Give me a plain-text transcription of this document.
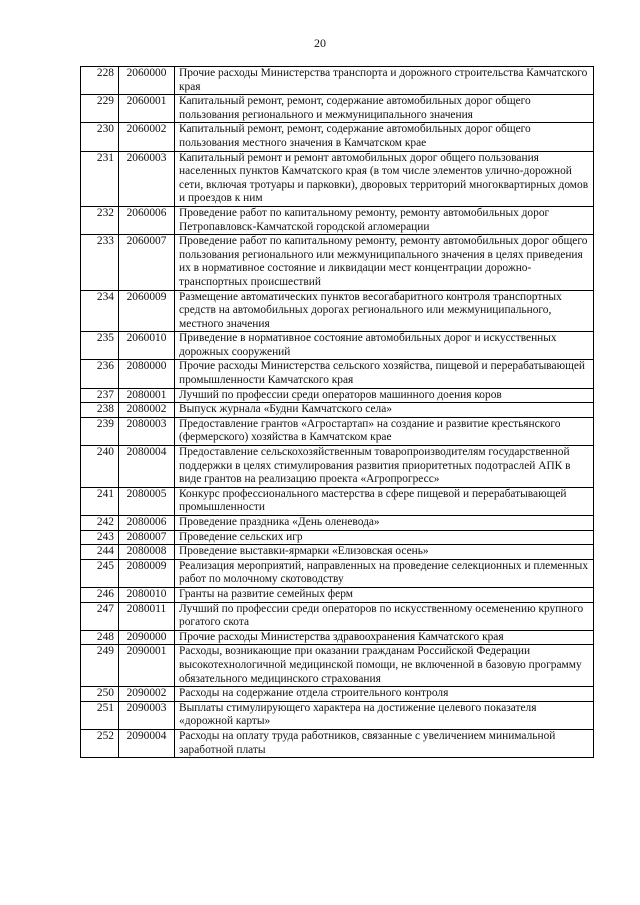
20
228	2060000	Прочие расходы Министерства транспорта и дорожного строительства Камчатского края
229	2060001	Капитальный ремонт, ремонт, содержание автомобильных дорог общего пользования регионального и межмуниципального значения
230	2060002	Капитальный ремонт, ремонт, содержание автомобильных дорог общего пользования местного значения в Камчатском крае
231	2060003	Капитальный ремонт и ремонт автомобильных дорог общего пользования населенных пунктов Камчатского края (в том числе элементов улично-дорожной сети, включая тротуары и парковки), дворовых территорий многоквартирных домов и проездов к ним
232	2060006	Проведение работ по капитальному ремонту, ремонту автомобильных дорог Петропавловск-Камчатской городской агломерации
233	2060007	Проведение работ по капитальному ремонту, ремонту автомобильных дорог общего пользования регионального или межмуниципального значения в целях приведения их в нормативное состояние и ликвидации мест концентрации дорожно-транспортных происшествий
234	2060009	Размещение автоматических пунктов весогабаритного контроля транспортных средств на автомобильных дорогах регионального или межмуниципального, местного значения
235	2060010	Приведение в нормативное состояние автомобильных дорог и искусственных дорожных сооружений
236	2080000	Прочие расходы Министерства сельского хозяйства, пищевой и перерабатывающей промышленности Камчатского края
237	2080001	Лучший по профессии среди операторов машинного доения коров
238	2080002	Выпуск журнала «Будни Камчатского села»
239	2080003	Предоставление грантов «Агростартап» на создание и развитие крестьянского (фермерского) хозяйства в Камчатском крае
240	2080004	Предоставление сельскохозяйственным товаропроизводителям государственной поддержки в целях стимулирования развития приоритетных подотраслей АПК в виде грантов на реализацию проекта «Агропрогресс»
241	2080005	Конкурс профессионального мастерства в сфере пищевой и перерабатывающей промышленности
242	2080006	Проведение праздника «День оленевода»
243	2080007	Проведение сельских игр
244	2080008	Проведение выставки-ярмарки «Елизовская осень»
245	2080009	Реализация мероприятий, направленных на проведение селекционных и племенных работ по молочному скотоводству
246	2080010	Гранты на развитие семейных ферм
247	2080011	Лучший по профессии среди операторов по искусственному осеменению крупного рогатого скота
248	2090000	Прочие расходы Министерства здравоохранения Камчатского края
249	2090001	Расходы, возникающие при оказании гражданам Российской Федерации высокотехнологичной медицинской помощи, не включенной в базовую программу обязательного медицинского страхования
250	2090002	Расходы на содержание отдела строительного контроля
251	2090003	Выплаты стимулирующего характера на достижение целевого показателя «дорожной карты»
252	2090004	Расходы на оплату труда работников, связанные с увеличением минимальной заработной платы
